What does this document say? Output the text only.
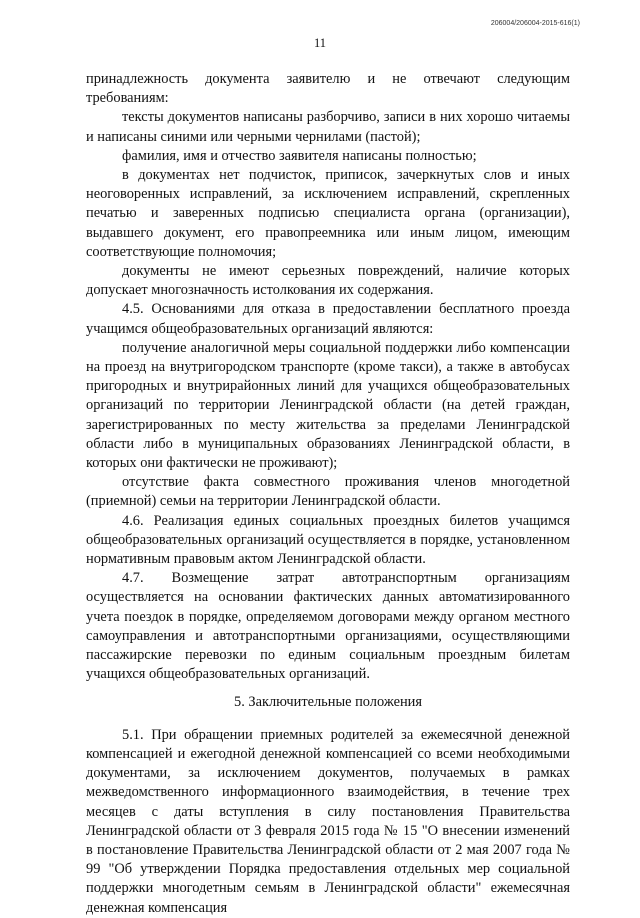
206004/206004-2015-616(1)
11

принадлежность документа заявителю и не отвечают следующим требованиям:

тексты документов написаны разборчиво, записи в них хорошо читаемы и написаны синими или черными чернилами (пастой);

фамилия, имя и отчество заявителя написаны полностью;

в документах нет подчисток, приписок, зачеркнутых слов и иных неоговоренных исправлений, за исключением исправлений, скрепленных печатью и заверенных подписью специалиста органа (организации), выдавшего документ, его правопреемника или иным лицом, имеющим соответствующие полномочия;

документы не имеют серьезных повреждений, наличие которых допускает многозначность истолкования их содержания.

4.5. Основаниями для отказа в предоставлении бесплатного проезда учащимся общеобразовательных организаций являются:

получение аналогичной меры социальной поддержки либо компенсации на проезд на внутригородском транспорте (кроме такси), а также в автобусах пригородных и внутрирайонных линий для учащихся общеобразовательных организаций по территории Ленинградской области (на детей граждан, зарегистрированных по месту жительства за пределами Ленинградской области либо в муниципальных образованиях Ленинградской области, в которых они фактически не проживают);

отсутствие факта совместного проживания членов многодетной (приемной) семьи на территории Ленинградской области.

4.6. Реализация единых социальных проездных билетов учащимся общеобразовательных организаций осуществляется в порядке, установленном нормативным правовым актом Ленинградской области.

4.7. Возмещение затрат автотранспортным организациям осуществляется на основании фактических данных автоматизированного учета поездок в порядке, определяемом договорами между органом местного самоуправления и автотранспортными организациями, осуществляющими пассажирские перевозки по единым социальным проездным билетам учащихся общеобразовательных организаций.

5. Заключительные положения

5.1. При обращении приемных родителей за ежемесячной денежной компенсацией и ежегодной денежной компенсацией со всеми необходимыми документами, за исключением документов, получаемых в рамках межведомственного информационного взаимодействия, в течение трех месяцев с даты вступления в силу постановления Правительства Ленинградской области от 3 февраля 2015 года № 15 "О внесении изменений в постановление Правительства Ленинградской области от 2 мая 2007 года № 99 "Об утверждении Порядка предоставления отдельных мер социальной поддержки многодетным семьям в Ленинградской области" ежемесячная денежная компенсация
